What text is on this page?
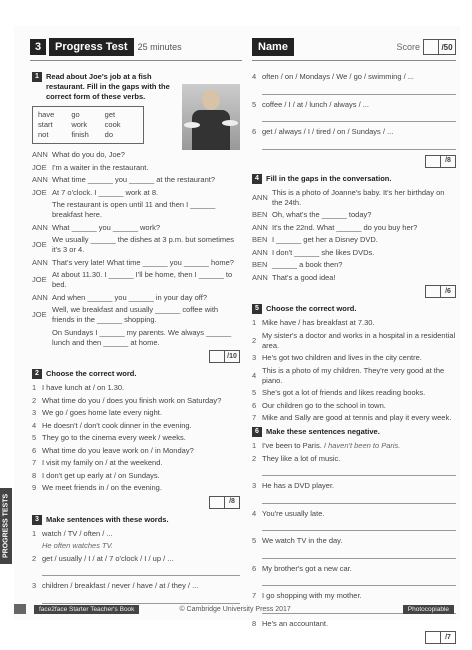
3	Progress Test	25 minutes	Name	Score	/50
1 Read about Joe's job at a fish restaurant. Fill in the gaps with the correct form of these verbs.
have	go	get
start	work	cook
not	finish	do
ANN What do you do, Joe?
JOE I'm a waiter in the restaurant.
ANN What time ______ you ______ at the restaurant?
JOE At 7 o'clock. I ______ work at 8.
The restaurant is open until 11 and then I ______ breakfast here.
ANN What ______ you ______ work?
JOE
We usually ______ the dishes at 3 p.m. but sometimes it's 3 or 4.
ANN That's very late! What time ______ you ______ home?
JOE
At about 11.30. I ______ I'll be home, then I ______ to bed.
ANN And when ______ you ______ in your day off?
JOE
Well, we breakfast and usually ______ coffee with friends in the ______ shopping.
On Sundays I ______ my parents. We always ______ lunch and then ______ at home.
/10
2 Choose the correct word.
1 I have lunch at / on 1.30.
2 What time do you / does you finish work on Saturday?
3 We go / goes home late every night.
4 He doesn't / don't cook dinner in the evening.
5 They go to the cinema every week / weeks.
6 What time do you leave work on / in Monday?
7 I visit my family on / at the weekend.
8 I don't get up early at / on Sundays.
9 We meet friends in / on the evening.
/8
3 Make sentences with these words.
1 watch / TV / often / ...
He often watches TV.
2 get / usually / I / at / 7 o'clock / I / up / ...
3 children / breakfast / never / have / at / they / ...
4 often / on / Mondays / We / go / swimming / ...
5 coffee / I / at / lunch / always / ...
6 get / always / I / tired / on / Sundays / ...
/8
4 Fill in the gaps in the conversation.
ANN
This is a photo of Joanne's baby. It's her birthday on the 24th.
BEN Oh, what's the ______ today?
ANN It's the 22nd. What ______ do you buy her?
BEN I ______ get her a Disney DVD.
ANN I don't ______ she likes DVDs.
BEN ______ a book then?
ANN That's a good idea!
/6
5 Choose the correct word.
1 Mike have / has breakfast at 7.30.
2
My sister's a doctor and works in a hospital in a residential area.
3 He's got two children and lives in the city centre.
4
This is a photo of my children. They're very good at the piano.
5 She's got a lot of friends and likes reading books.
6 Our children go to the school in town.
7 Mike and Sally are good at tennis and play it every week.
6 Make these sentences negative.
1 I've been to Paris.
I haven't been to Paris.
2 They like a lot of music.
3 He has a DVD player.
4 You're usually late.
5 We watch TV in the day.
6 My brother's got a new car.
7 I go shopping with my mother.
8 He's an accountant.
/7
PROGRESS TESTS
face2face Starter Teacher's Book	© Cambridge University Press 2017	Photocopiable
